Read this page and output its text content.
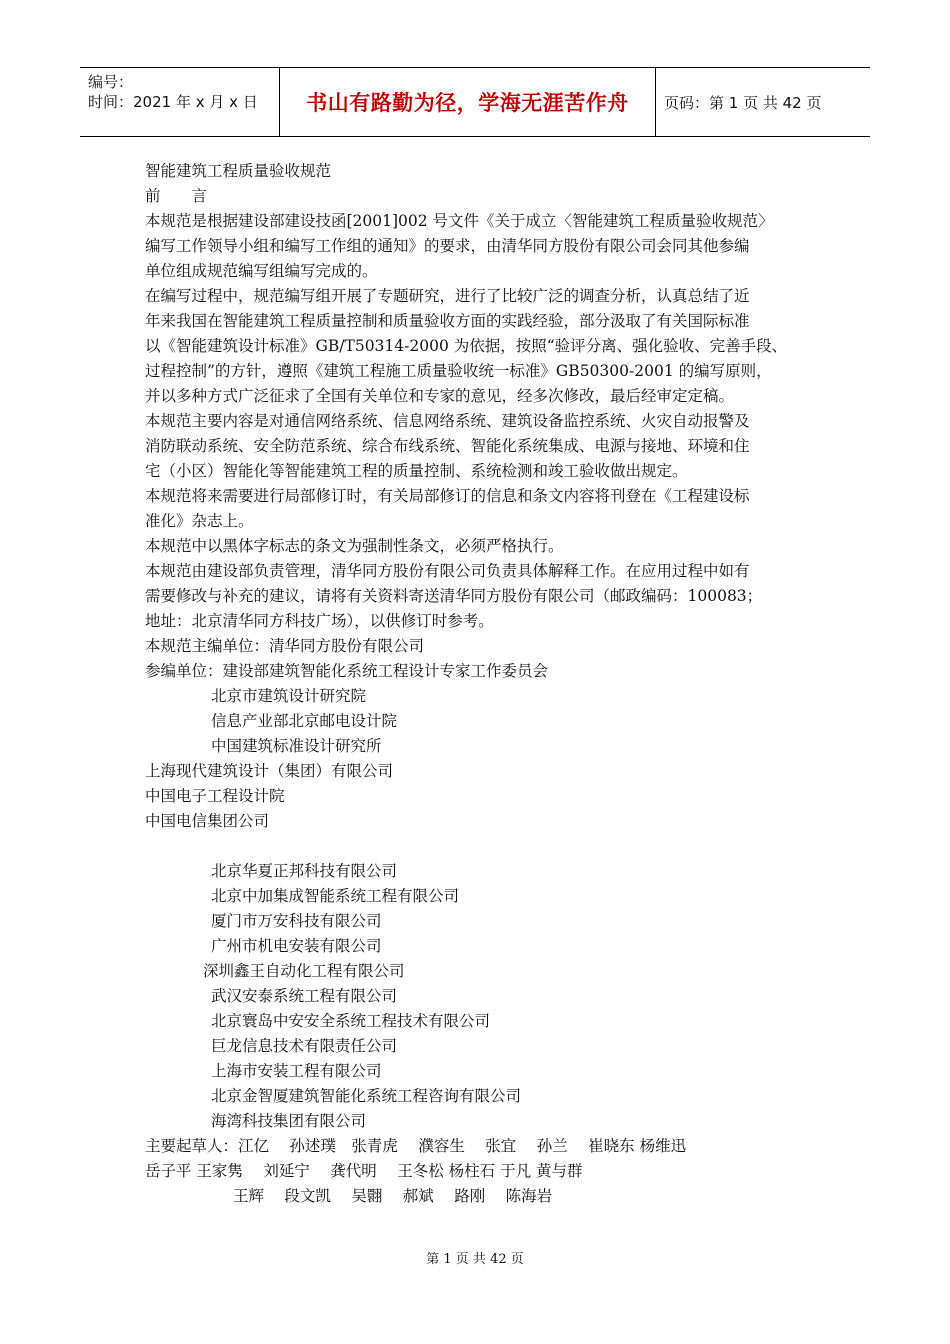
编号：
时间：2021 年 x 月 x 日	书山有路勤为径，学海无涯苦作舟 页码：第 1 页 共 42 页
智能建筑工程质量验收规范
前　　言
本规范是根据建设部建设技函[2001]002 号文件《关于成立〈智能建筑工程质量验收规范〉
编写工作领导小组和编写工作组的通知》的要求，由清华同方股份有限公司会同其他参编
单位组成规范编写组编写完成的。
在编写过程中，规范编写组开展了专题研究，进行了比较广泛的调查分析，认真总结了近
年来我国在智能建筑工程质量控制和质量验收方面的实践经验，部分汲取了有关国际标准
以《智能建筑设计标准》GB/T50314-2000 为依据，按照“验评分离、强化验收、完善手段、
过程控制”的方针，遵照《建筑工程施工质量验收统一标准》GB50300-2001 的编写原则，
并以多种方式广泛征求了全国有关单位和专家的意见，经多次修改，最后经审定定稿。
本规范主要内容是对通信网络系统、信息网络系统、建筑设备监控系统、火灾自动报警及
消防联动系统、安全防范系统、综合布线系统、智能化系统集成、电源与接地、环境和住
宅（小区）智能化等智能建筑工程的质量控制、系统检测和竣工验收做出规定。
本规范将来需要进行局部修订时，有关局部修订的信息和条文内容将刊登在《工程建设标
准化》杂志上。
本规范中以黑体字标志的条文为强制性条文，必须严格执行。
本规范由建设部负责管理，清华同方股份有限公司负责具体解释工作。在应用过程中如有
需要修改与补充的建议，请将有关资料寄送清华同方股份有限公司（邮政编码：100083；
地址：北京清华同方科技广场），以供修订时参考。
本规范主编单位：清华同方股份有限公司
参编单位：建设部建筑智能化系统工程设计专家工作委员会
北京市建筑设计研究院
信息产业部北京邮电设计院
中国建筑标准设计研究所
上海现代建筑设计（集团）有限公司
中国电子工程设计院
中国电信集团公司
北京华夏正邦科技有限公司
北京中加集成智能系统工程有限公司
厦门市万安科技有限公司
广州市机电安装有限公司
深圳鑫王自动化工程有限公司
武汉安泰系统工程有限公司
北京寰岛中安安全系统工程技术有限公司
巨龙信息技术有限责任公司
上海市安装工程有限公司
北京金智厦建筑智能化系统工程咨询有限公司
海湾科技集团有限公司
主要起草人：江亿　 孙述璞　张青虎　 濮容生　 张宜　 孙兰　 崔晓东 杨维迅
岳子平 王家隽　 刘延宁　 龚代明　 王冬松 杨柱石 于凡 黄与群
王辉　 段文凯　 吴翾　 郝斌　 路刚　 陈海岩
第 1 页 共 42 页
